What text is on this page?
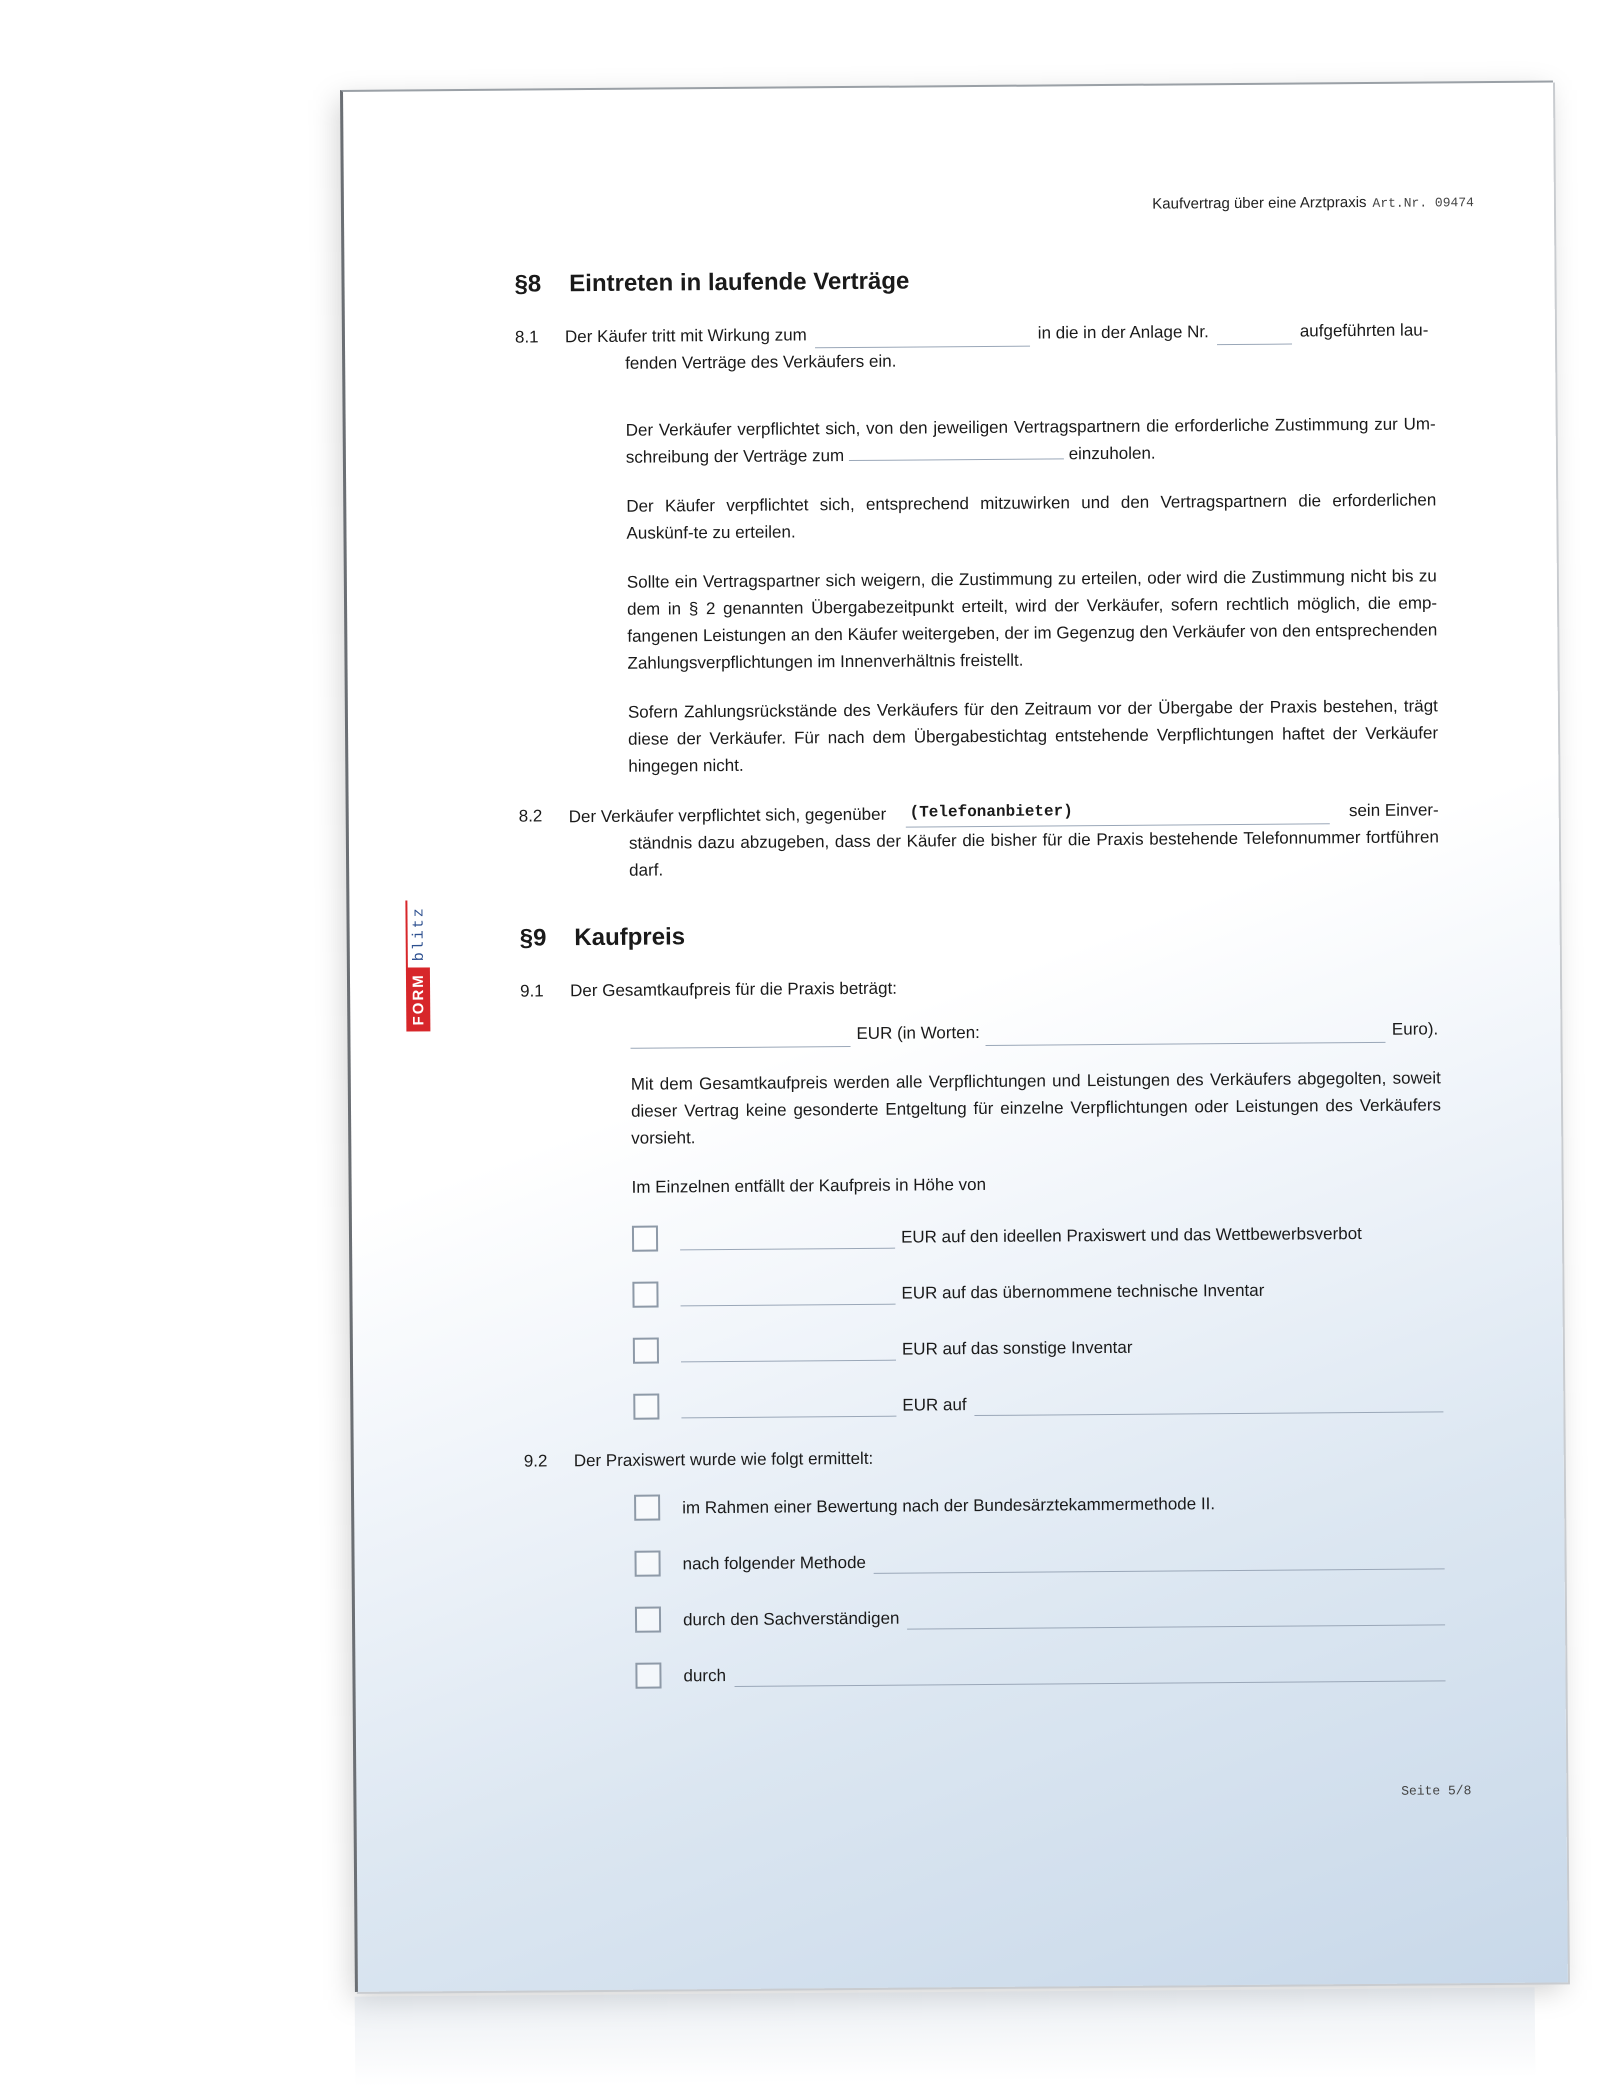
Kaufvertrag über eine Arztpraxis Art.Nr. 09474
FORM
blitz
§8 Eintreten in laufende Verträge
8.1	Der Käufer tritt mit Wirkung zum	in die in der Anlage Nr.	aufgeführten lau-
fenden Verträge des Verkäufers ein.
Der Verkäufer verpflichtet sich, von den jeweiligen Vertragspartnern die erforderliche Zustimmung zur Um-schreibung der Verträge zum	einzuholen.
Der Käufer verpflichtet sich, entsprechend mitzuwirken und den Vertragspartnern die erforderlichen Auskünf-te zu erteilen.
Sollte ein Vertragspartner sich weigern, die Zustimmung zu erteilen, oder wird die Zustimmung nicht bis zu dem in § 2 genannten Übergabezeitpunkt erteilt, wird der Verkäufer, sofern rechtlich möglich, die emp-fangenen Leistungen an den Käufer weitergeben, der im Gegenzug den Verkäufer von den entsprechenden Zahlungsverpflichtungen im Innenverhältnis freistellt.
Sofern Zahlungsrückstände des Verkäufers für den Zeitraum vor der Übergabe der Praxis bestehen, trägt diese der Verkäufer. Für nach dem Übergabestichtag entstehende Verpflichtungen haftet der Verkäufer hingegen nicht.
8.2	Der Verkäufer verpflichtet sich, gegenüber (Telefonanbieter)	sein Einver-
ständnis dazu abzugeben, dass der Käufer die bisher für die Praxis bestehende Telefonnummer fortführen darf.
§9 Kaufpreis
9.1	Der Gesamtkaufpreis für die Praxis beträgt:
EUR (in Worten:	Euro).
Mit dem Gesamtkaufpreis werden alle Verpflichtungen und Leistungen des Verkäufers abgegolten, soweit dieser Vertrag keine gesonderte Entgeltung für einzelne Verpflichtungen oder Leistungen des Verkäufers vorsieht.
Im Einzelnen entfällt der Kaufpreis in Höhe von
EUR auf den ideellen Praxiswert und das Wettbewerbsverbot
EUR auf das übernommene technische Inventar
EUR auf das sonstige Inventar
EUR auf
9.2	Der Praxiswert wurde wie folgt ermittelt:
im Rahmen einer Bewertung nach der Bundesärztekammermethode II.
nach folgender Methode
durch den Sachverständigen
durch
Seite 5/8
